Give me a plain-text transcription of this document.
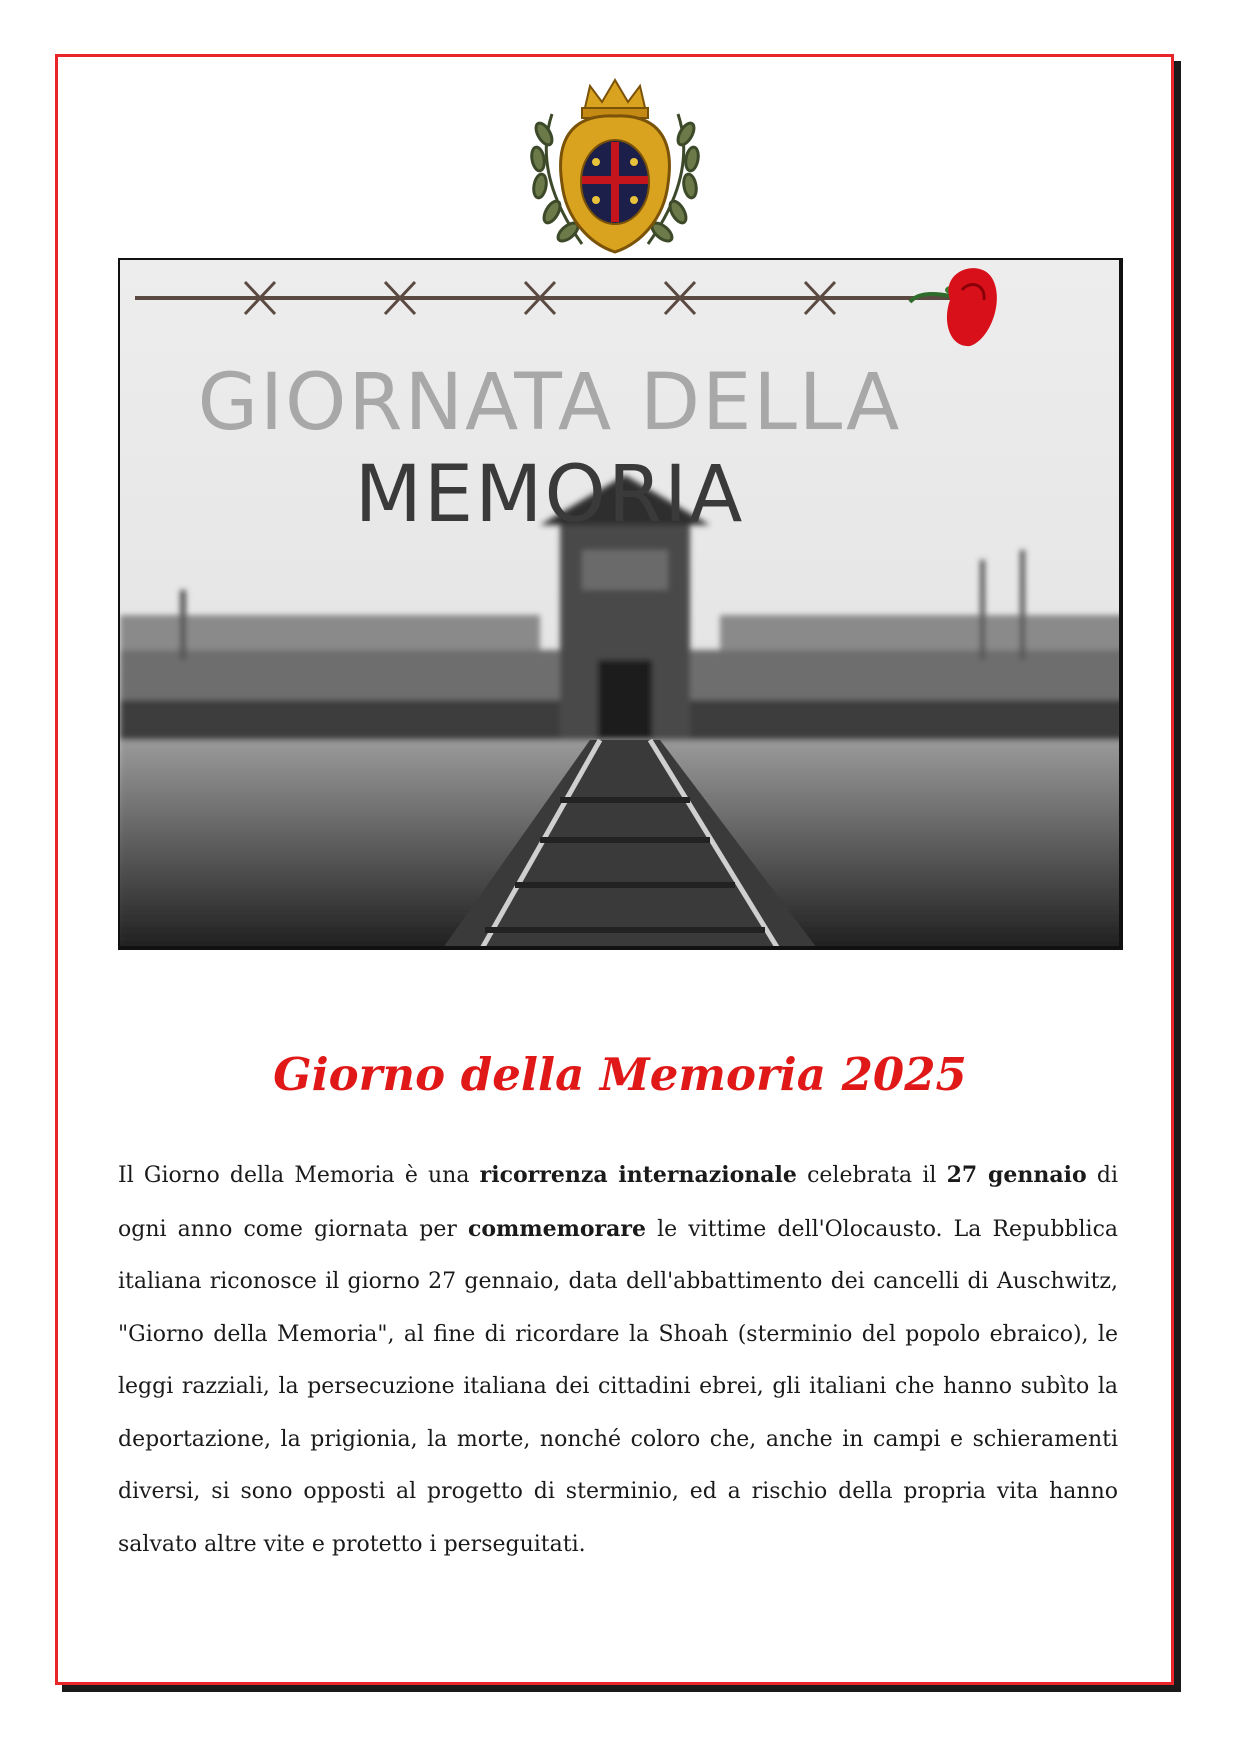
GIORNATA DELLA
MEMORIA
Giorno della Memoria 2025
Il Giorno della Memoria è una ricorrenza internazionale celebrata il 27 gennaio di ogni anno come giornata per commemorare le vittime dell'Olocausto. La Repubblica italiana riconosce il giorno 27 gennaio, data dell'abbattimento dei cancelli di Auschwitz, "Giorno della Memoria", al fine di ricordare la Shoah (sterminio del popolo ebraico), le leggi razziali, la persecuzione italiana dei cittadini ebrei, gli italiani che hanno subìto la deportazione, la prigionia, la morte, nonché coloro che, anche in campi e schieramenti diversi, si sono opposti al progetto di sterminio, ed a rischio della propria vita hanno salvato altre vite e protetto i perseguitati.
